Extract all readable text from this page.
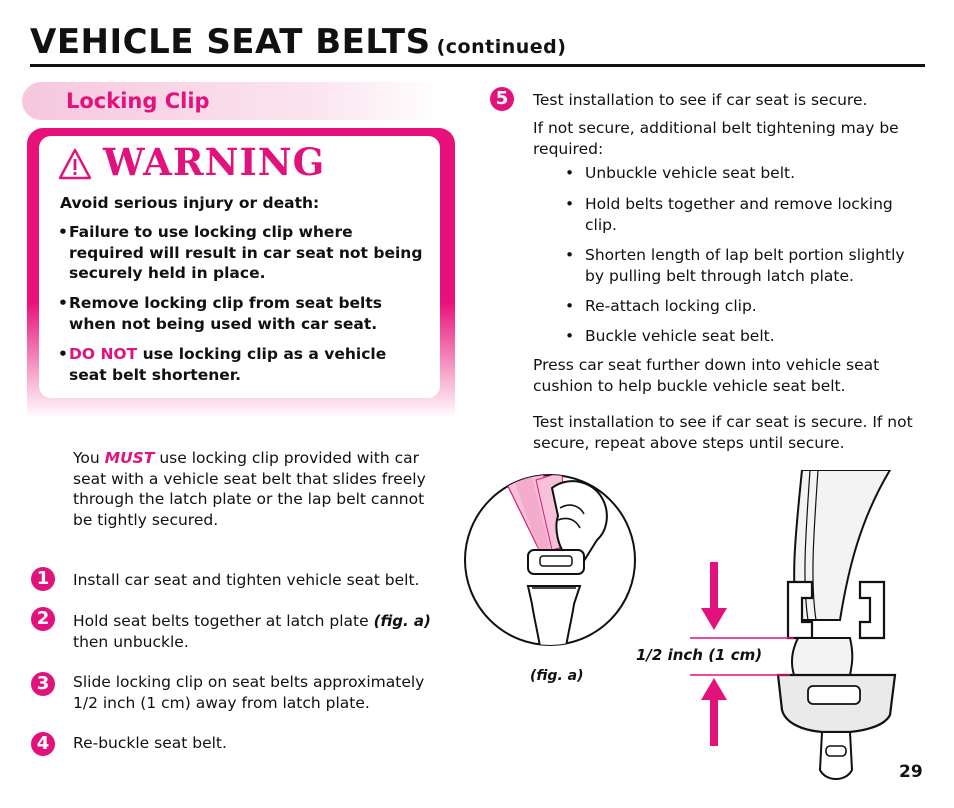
VEHICLE SEAT BELTS (continued)
Locking Clip
WARNING
Avoid serious injury or death:
• Failure to use locking clip where required will result in car seat not being securely held in place.
• Remove locking clip from seat belts when not being used with car seat.
• DO NOT use locking clip as a vehicle seat belt shortener.
You MUST use locking clip provided with car seat with a vehicle seat belt that slides freely through the latch plate or the lap belt cannot be tightly secured.
1	Install car seat and tighten vehicle seat belt.
2	Hold seat belts together at latch plate (fig. a) then unbuckle.
3	Slide locking clip on seat belts approximately 1/2 inch (1 cm) away from latch plate.
4	Re-buckle seat belt.
5	Test installation to see if car seat is secure.
If not secure, additional belt tightening may be required:
• Unbuckle vehicle seat belt.
• Hold belts together and remove locking clip.
• Shorten length of lap belt portion slightly by pulling belt through latch plate.
• Re-attach locking clip.
• Buckle vehicle seat belt.
Press car seat further down into vehicle seat cushion to help buckle vehicle seat belt.
Test installation to see if car seat is secure. If not secure, repeat above steps until secure.
(fig. a)
1/2 inch (1 cm)
29
